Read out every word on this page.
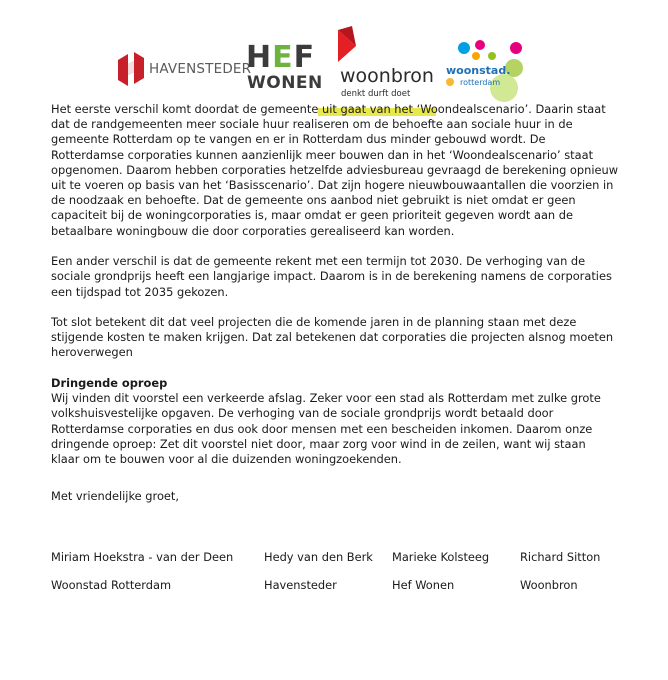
HAVENSTEDER
HEF
WONEN woonbron
denkt durft doet
woonstad.
rotterdam

Het eerste verschil komt doordat de gemeente uit gaat van het ‘Woondealscenario’. Daarin staat
dat de randgemeenten meer sociale huur realiseren om de behoefte aan sociale huur in de
gemeente Rotterdam op te vangen en er in Rotterdam dus minder gebouwd wordt. De
Rotterdamse corporaties kunnen aanzienlijk meer bouwen dan in het ‘Woondealscenario’ staat
opgenomen. Daarom hebben corporaties hetzelfde adviesbureau gevraagd de berekening opnieuw
uit te voeren op basis van het ‘Basisscenario’. Dat zijn hogere nieuwbouwaantallen die voorzien in
de noodzaak en behoefte. Dat de gemeente ons aanbod niet gebruikt is niet omdat er geen
capaciteit bij de woningcorporaties is, maar omdat er geen prioriteit gegeven wordt aan de
betaalbare woningbouw die door corporaties gerealiseerd kan worden.

Een ander verschil is dat de gemeente rekent met een termijn tot 2030. De verhoging van de
sociale grondprijs heeft een langjarige impact. Daarom is in de berekening namens de corporaties
een tijdspad tot 2035 gekozen.

Tot slot betekent dit dat veel projecten die de komende jaren in de planning staan met deze
stijgende kosten te maken krijgen. Dat zal betekenen dat corporaties die projecten alsnog moeten
heroverwegen

Dringende oproep

Wij vinden dit voorstel een verkeerde afslag. Zeker voor een stad als Rotterdam met zulke grote
volkshuisvestelijke opgaven. De verhoging van de sociale grondprijs wordt betaald door
Rotterdamse corporaties en dus ook door mensen met een bescheiden inkomen. Daarom onze
dringende oproep: Zet dit voorstel niet door, maar zorg voor wind in de zeilen, want wij staan
klaar om te bouwen voor al die duizenden woningzoekenden.

Met vriendelijke groet,

Miriam Hoekstra - van der Deen
Woonstad Rotterdam
Hedy van den Berk
Havensteder
Marieke Kolsteeg
Hef Wonen
Richard Sitton
Woonbron
